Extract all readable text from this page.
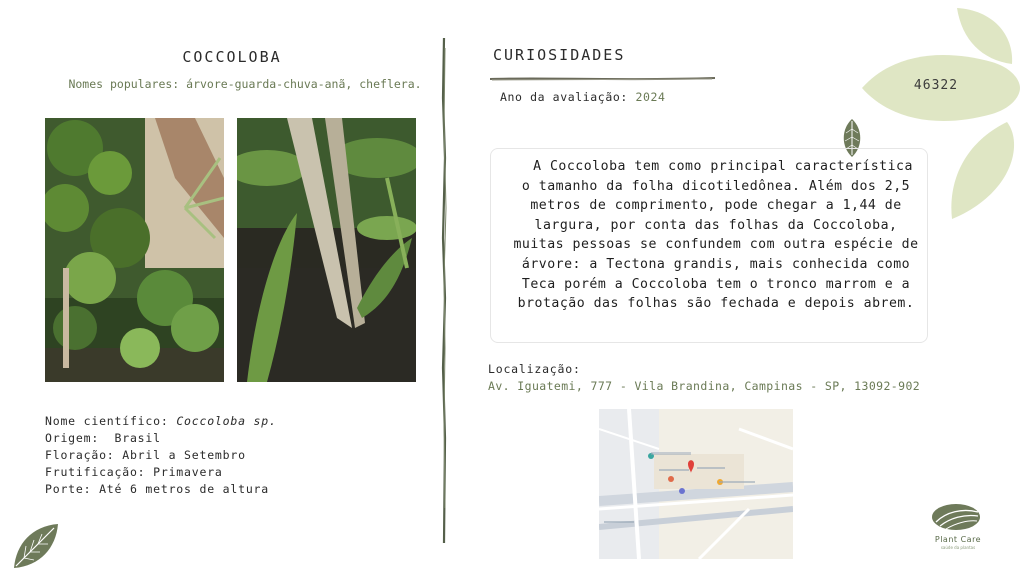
COCCOLOBA
Nomes populares: árvore-guarda-chuva-anã, cheflera.
Nome científico: Coccoloba sp.
Origem:  Brasil
Floração: Abril a Setembro
Frutificação: Primavera
Porte: Até 6 metros de altura
CURIOSIDADES
Ano da avaliação: 2024
46322
A Coccoloba tem como principal característica o tamanho da folha dicotiledônea. Além dos 2,5 metros de comprimento, pode chegar a 1,44 de largura, por conta das folhas da Coccoloba, muitas pessoas se confundem com outra espécie de árvore: a Tectona grandis, mais conhecida como Teca porém a Coccoloba tem o tronco marrom e a brotação das folhas são fechada e depois abrem.
Localização:
Av. Iguatemi, 777 - Vila Brandina, Campinas - SP, 13092-902
Plant Care
saúde da plantas
